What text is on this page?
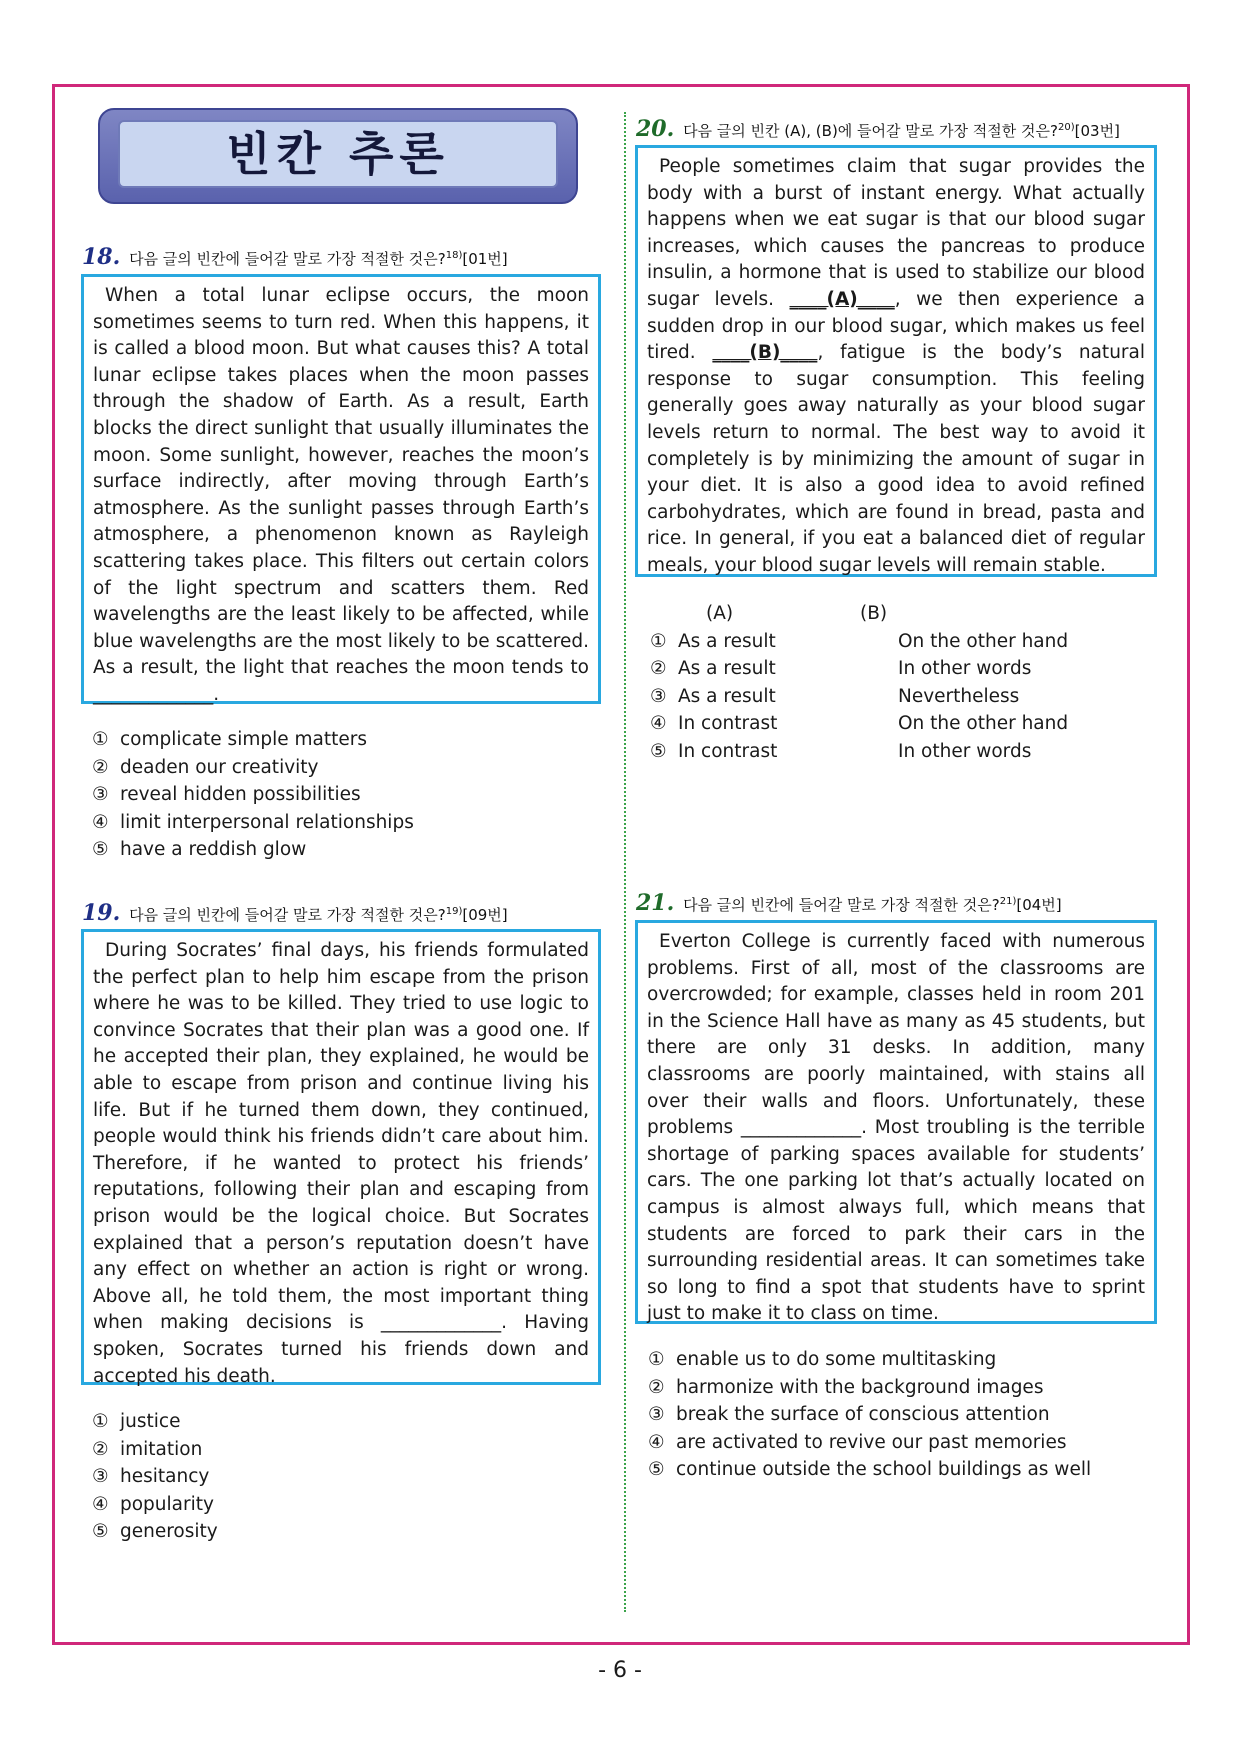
빈칸 추론
18. 다음 글의 빈칸에 들어갈 말로 가장 적절한 것은?$^{18)}$[01번]

When a total lunar eclipse occurs, the moon sometimes seems to turn red. When this happens, it is called a blood moon. But what causes this? A total lunar eclipse takes places when the moon passes through the shadow of Earth. As a result, Earth blocks the direct sunlight that usually illuminates the moon. Some sunlight, however, reaches the moon’s surface indirectly, after moving through Earth’s atmosphere. As the sunlight passes through Earth’s atmosphere, a phenomenon known as Rayleigh scattering takes place. This filters out certain colors of the light spectrum and scatters them. Red wavelengths are the least likely to be affected, while blue wavelengths are the most likely to be scattered. As a result, the light that reaches the moon tends to _____________.

① complicate simple matters
② deaden our creativity
③ reveal hidden possibilities
④ limit interpersonal relationships
⑤ have a reddish glow
19. 다음 글의 빈칸에 들어갈 말로 가장 적절한 것은?$^{19)}$[09번]

During Socrates’ final days, his friends formulated the perfect plan to help him escape from the prison where he was to be killed. They tried to use logic to convince Socrates that their plan was a good one. If he accepted their plan, they explained, he would be able to escape from prison and continue living his life. But if he turned them down, they continued, people would think his friends didn’t care about him. Therefore, if he wanted to protect his friends’ reputations, following their plan and escaping from prison would be the logical choice. But Socrates explained that a person’s reputation doesn’t have any effect on whether an action is right or wrong. Above all, he told them, the most important thing when making decisions is _____________. Having spoken, Socrates turned his friends down and accepted his death.

① justice
② imitation
③ hesitancy
④ popularity
⑤ generosity
20. 다음 글의 빈칸 (A), (B)에 들어갈 말로 가장 적절한 것은?$^{20)}$[03번]

People sometimes claim that sugar provides the body with a burst of instant energy. What actually happens when we eat sugar is that our blood sugar increases, which causes the pancreas to produce insulin, a hormone that is used to stabilize our blood sugar levels. ____(A)____, we then experience a sudden drop in our blood sugar, which makes us feel tired. ____(B)____, fatigue is the body’s natural response to sugar consumption. This feeling generally goes away naturally as your blood sugar levels return to normal. The best way to avoid it completely is by minimizing the amount of sugar in your diet. It is also a good idea to avoid refined carbohydrates, which are found in bread, pasta and rice. In general, if you eat a balanced diet of regular meals, your blood sugar levels will remain stable.

(A)	(B)
① As a result	On the other hand
② As a result	In other words
③ As a result	Nevertheless
④ In contrast	On the other hand
⑤ In contrast	In other words
21. 다음 글의 빈칸에 들어갈 말로 가장 적절한 것은?$^{21)}$[04번]

Everton College is currently faced with numerous problems. First of all, most of the classrooms are overcrowded; for example, classes held in room 201 in the Science Hall have as many as 45 students, but there are only 31 desks. In addition, many classrooms are poorly maintained, with stains all over their walls and floors. Unfortunately, these problems _____________. Most troubling is the terrible shortage of parking spaces available for students’ cars. The one parking lot that’s actually located on campus is almost always full, which means that students are forced to park their cars in the surrounding residential areas. It can sometimes take so long to find a spot that students have to sprint just to make it to class on time.

① enable us to do some multitasking
② harmonize with the background images
③ break the surface of conscious attention
④ are activated to revive our past memories
⑤ continue outside the school buildings as well
- 6 -
